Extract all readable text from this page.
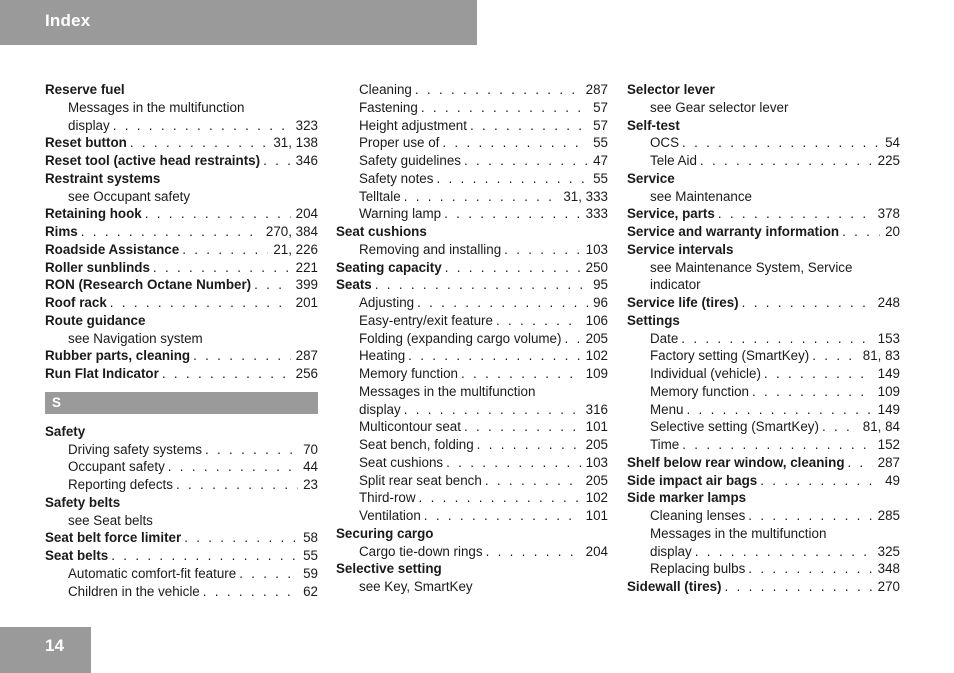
Index
Reserve fuel
Messages in the multifunction
display . . .	323
Reset button . . .	31, 138
Reset tool (active head restraints) . . .	346
Restraint systems
see Occupant safety
Retaining hook . . .	204
Rims . . .	270, 384
Roadside Assistance . . .	21, 226
Roller sunblinds . . .	221
RON (Research Octane Number) . . .	399
Roof rack . . .	201
Route guidance
see Navigation system
Rubber parts, cleaning . . .	287
Run Flat Indicator . . .	256
S
Safety
Driving safety systems . . .	70
Occupant safety . . .	44
Reporting defects . . .	23
Safety belts
see Seat belts
Seat belt force limiter . . .	58
Seat belts . . .	55
Automatic comfort-fit feature . . .	59
Children in the vehicle . . .	62
Cleaning . . .	287
Fastening . . .	57
Height adjustment . . .	57
Proper use of . . .	55
Safety guidelines . . .	47
Safety notes . . .	55
Telltale . . .	31, 333
Warning lamp . . .	333
Seat cushions
Removing and installing . . .	103
Seating capacity . . .	250
Seats . . .	95
Adjusting . . .	96
Easy-entry/exit feature . . .	106
Folding (expanding cargo volume) . . .	205
Heating . . .	102
Memory function . . .	109
Messages in the multifunction
display . . .	316
Multicontour seat . . .	101
Seat bench, folding . . .	205
Seat cushions . . .	103
Split rear seat bench . . .	205
Third-row . . .	102
Ventilation . . .	101
Securing cargo
Cargo tie-down rings . . .	204
Selective setting
see Key, SmartKey
Selector lever
see Gear selector lever
Self-test
OCS . . .	54
Tele Aid . . .	225
Service
see Maintenance
Service, parts . . .	378
Service and warranty information . . .	20
Service intervals
see Maintenance System, Service
indicator
Service life (tires) . . .	248
Settings
Date . . .	153
Factory setting (SmartKey) . . .	81, 83
Individual (vehicle) . . .	149
Memory function . . .	109
Menu . . .	149
Selective setting (SmartKey) . . .	81, 84
Time . . .	152
Shelf below rear window, cleaning . . .	287
Side impact air bags . . .	49
Side marker lamps
Cleaning lenses . . .	285
Messages in the multifunction
display . . .	325
Replacing bulbs . . .	348
Sidewall (tires) . . .	270
14
